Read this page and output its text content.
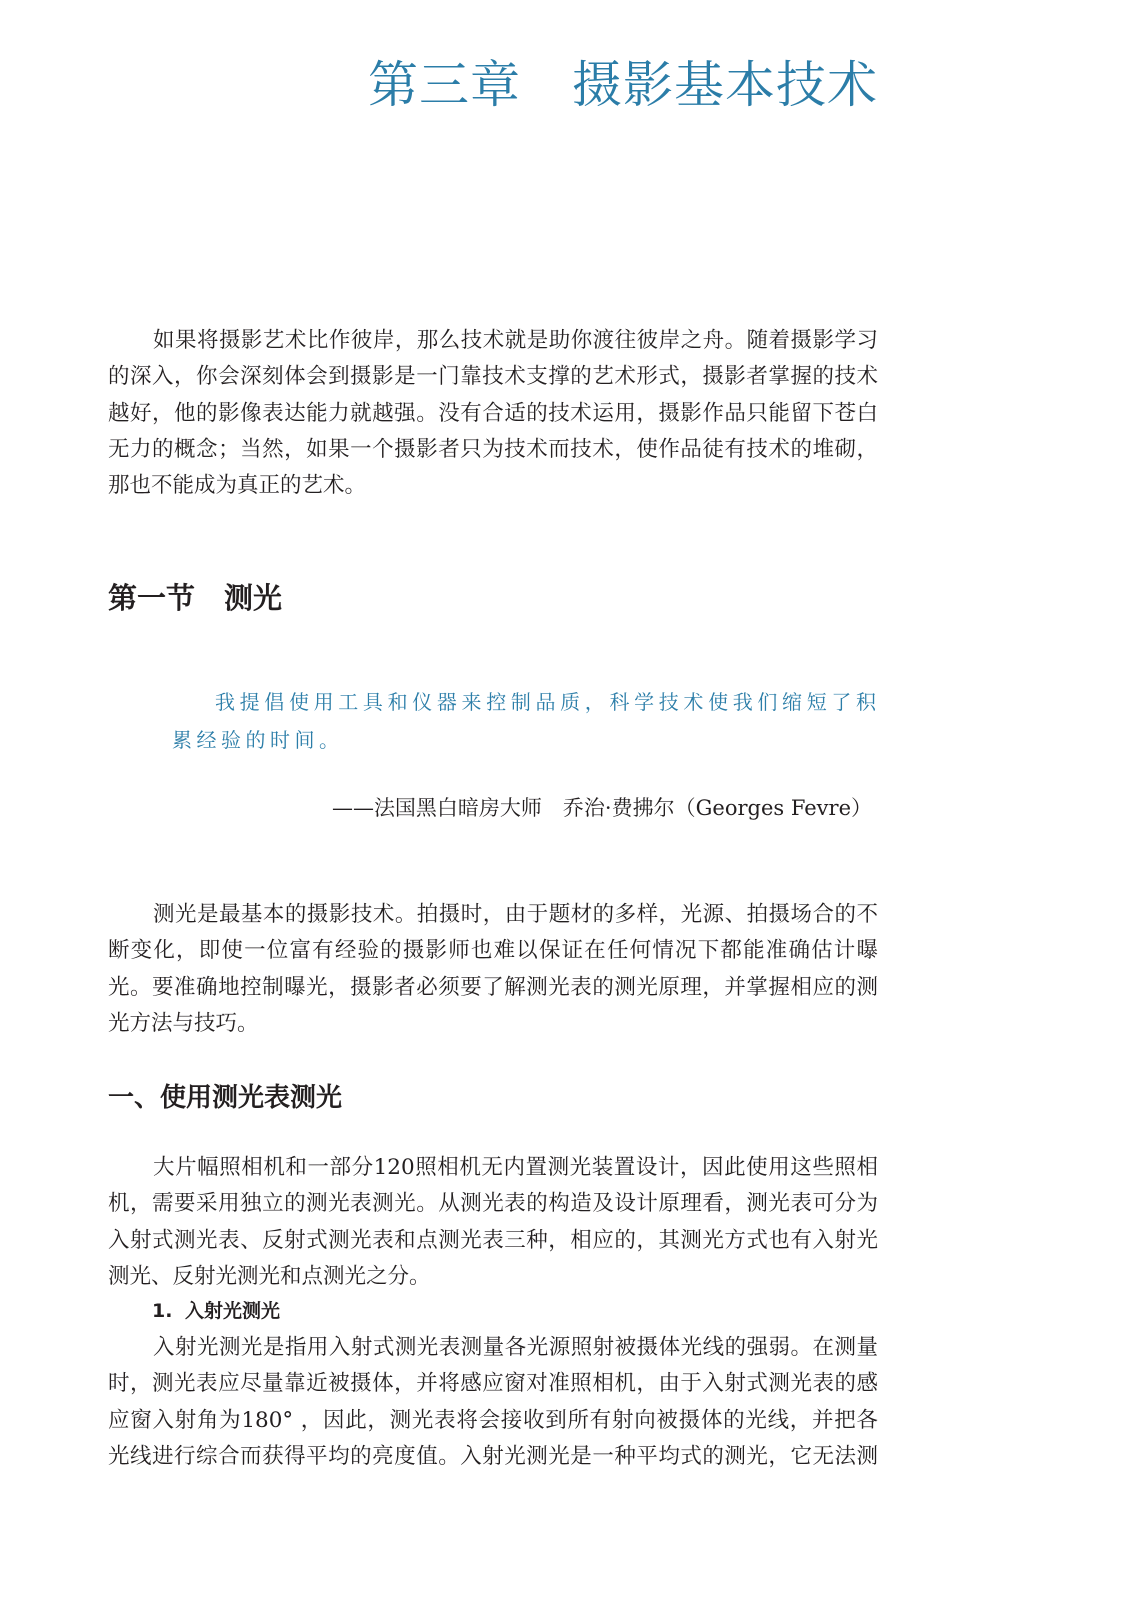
第三章　摄影基本技术
如果将摄影艺术比作彼岸，那么技术就是助你渡往彼岸之舟。随着摄影学习
的深入，你会深刻体会到摄影是一门靠技术支撑的艺术形式，摄影者掌握的技术
越好，他的影像表达能力就越强。没有合适的技术运用，摄影作品只能留下苍白
无力的概念；当然，如果一个摄影者只为技术而技术，使作品徒有技术的堆砌，
那也不能成为真正的艺术。
第一节　测光
我提倡使用工具和仪器来控制品质，科学技术使我们缩短了积
累经验的时间。
——法国黑白暗房大师　乔治·费拂尔（Georges Fevre）
测光是最基本的摄影技术。拍摄时，由于题材的多样，光源、拍摄场合的不
断变化，即使一位富有经验的摄影师也难以保证在任何情况下都能准确估计曝
光。要准确地控制曝光，摄影者必须要了解测光表的测光原理，并掌握相应的测
光方法与技巧。
一、使用测光表测光
大片幅照相机和一部分120照相机无内置测光装置设计，因此使用这些照相
机，需要采用独立的测光表测光。从测光表的构造及设计原理看，测光表可分为
入射式测光表、反射式测光表和点测光表三种，相应的，其测光方式也有入射光
测光、反射光测光和点测光之分。
1. 入射光测光
入射光测光是指用入射式测光表测量各光源照射被摄体光线的强弱。在测量
时，测光表应尽量靠近被摄体，并将感应窗对准照相机，由于入射式测光表的感
应窗入射角为180° ，因此，测光表将会接收到所有射向被摄体的光线，并把各
光线进行综合而获得平均的亮度值。入射光测光是一种平均式的测光，它无法测
